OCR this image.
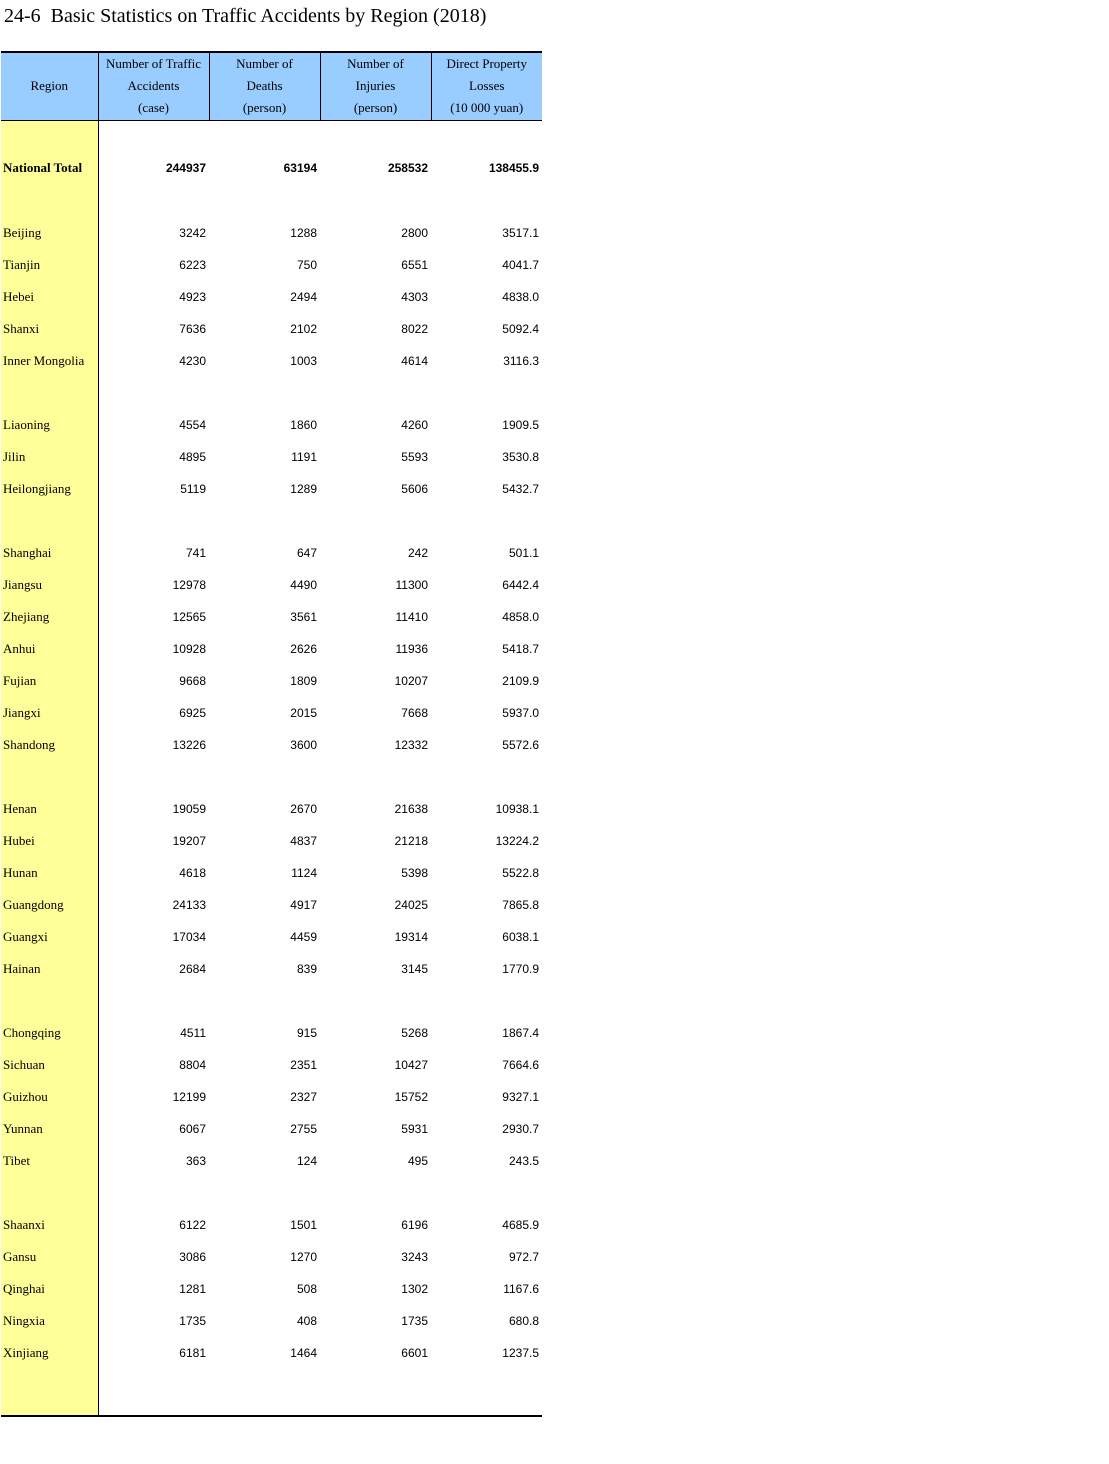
24-6  Basic Statistics on Traffic Accidents by Region (2018)
Region	Number of Traffic
Accidents
(case)	Number of
Deaths
(person)	Number of
Injuries
(person)	Direct Property
Losses
(10 000 yuan)

National Total	244937	63194	258532	138455.9

Beijing	3242	1288	2800	3517.1
Tianjin	6223	750	6551	4041.7
Hebei	4923	2494	4303	4838.0
Shanxi	7636	2102	8022	5092.4
Inner Mongolia	4230	1003	4614	3116.3

Liaoning	4554	1860	4260	1909.5
Jilin	4895	1191	5593	3530.8
Heilongjiang	5119	1289	5606	5432.7

Shanghai	741	647	242	501.1
Jiangsu	12978	4490	11300	6442.4
Zhejiang	12565	3561	11410	4858.0
Anhui	10928	2626	11936	5418.7
Fujian	9668	1809	10207	2109.9
Jiangxi	6925	2015	7668	5937.0
Shandong	13226	3600	12332	5572.6

Henan	19059	2670	21638	10938.1
Hubei	19207	4837	21218	13224.2
Hunan	4618	1124	5398	5522.8
Guangdong	24133	4917	24025	7865.8
Guangxi	17034	4459	19314	6038.1
Hainan	2684	839	3145	1770.9

Chongqing	4511	915	5268	1867.4
Sichuan	8804	2351	10427	7664.6
Guizhou	12199	2327	15752	9327.1
Yunnan	6067	2755	5931	2930.7
Tibet	363	124	495	243.5

Shaanxi	6122	1501	6196	4685.9
Gansu	3086	1270	3243	972.7
Qinghai	1281	508	1302	1167.6
Ningxia	1735	408	1735	680.8
Xinjiang	6181	1464	6601	1237.5
